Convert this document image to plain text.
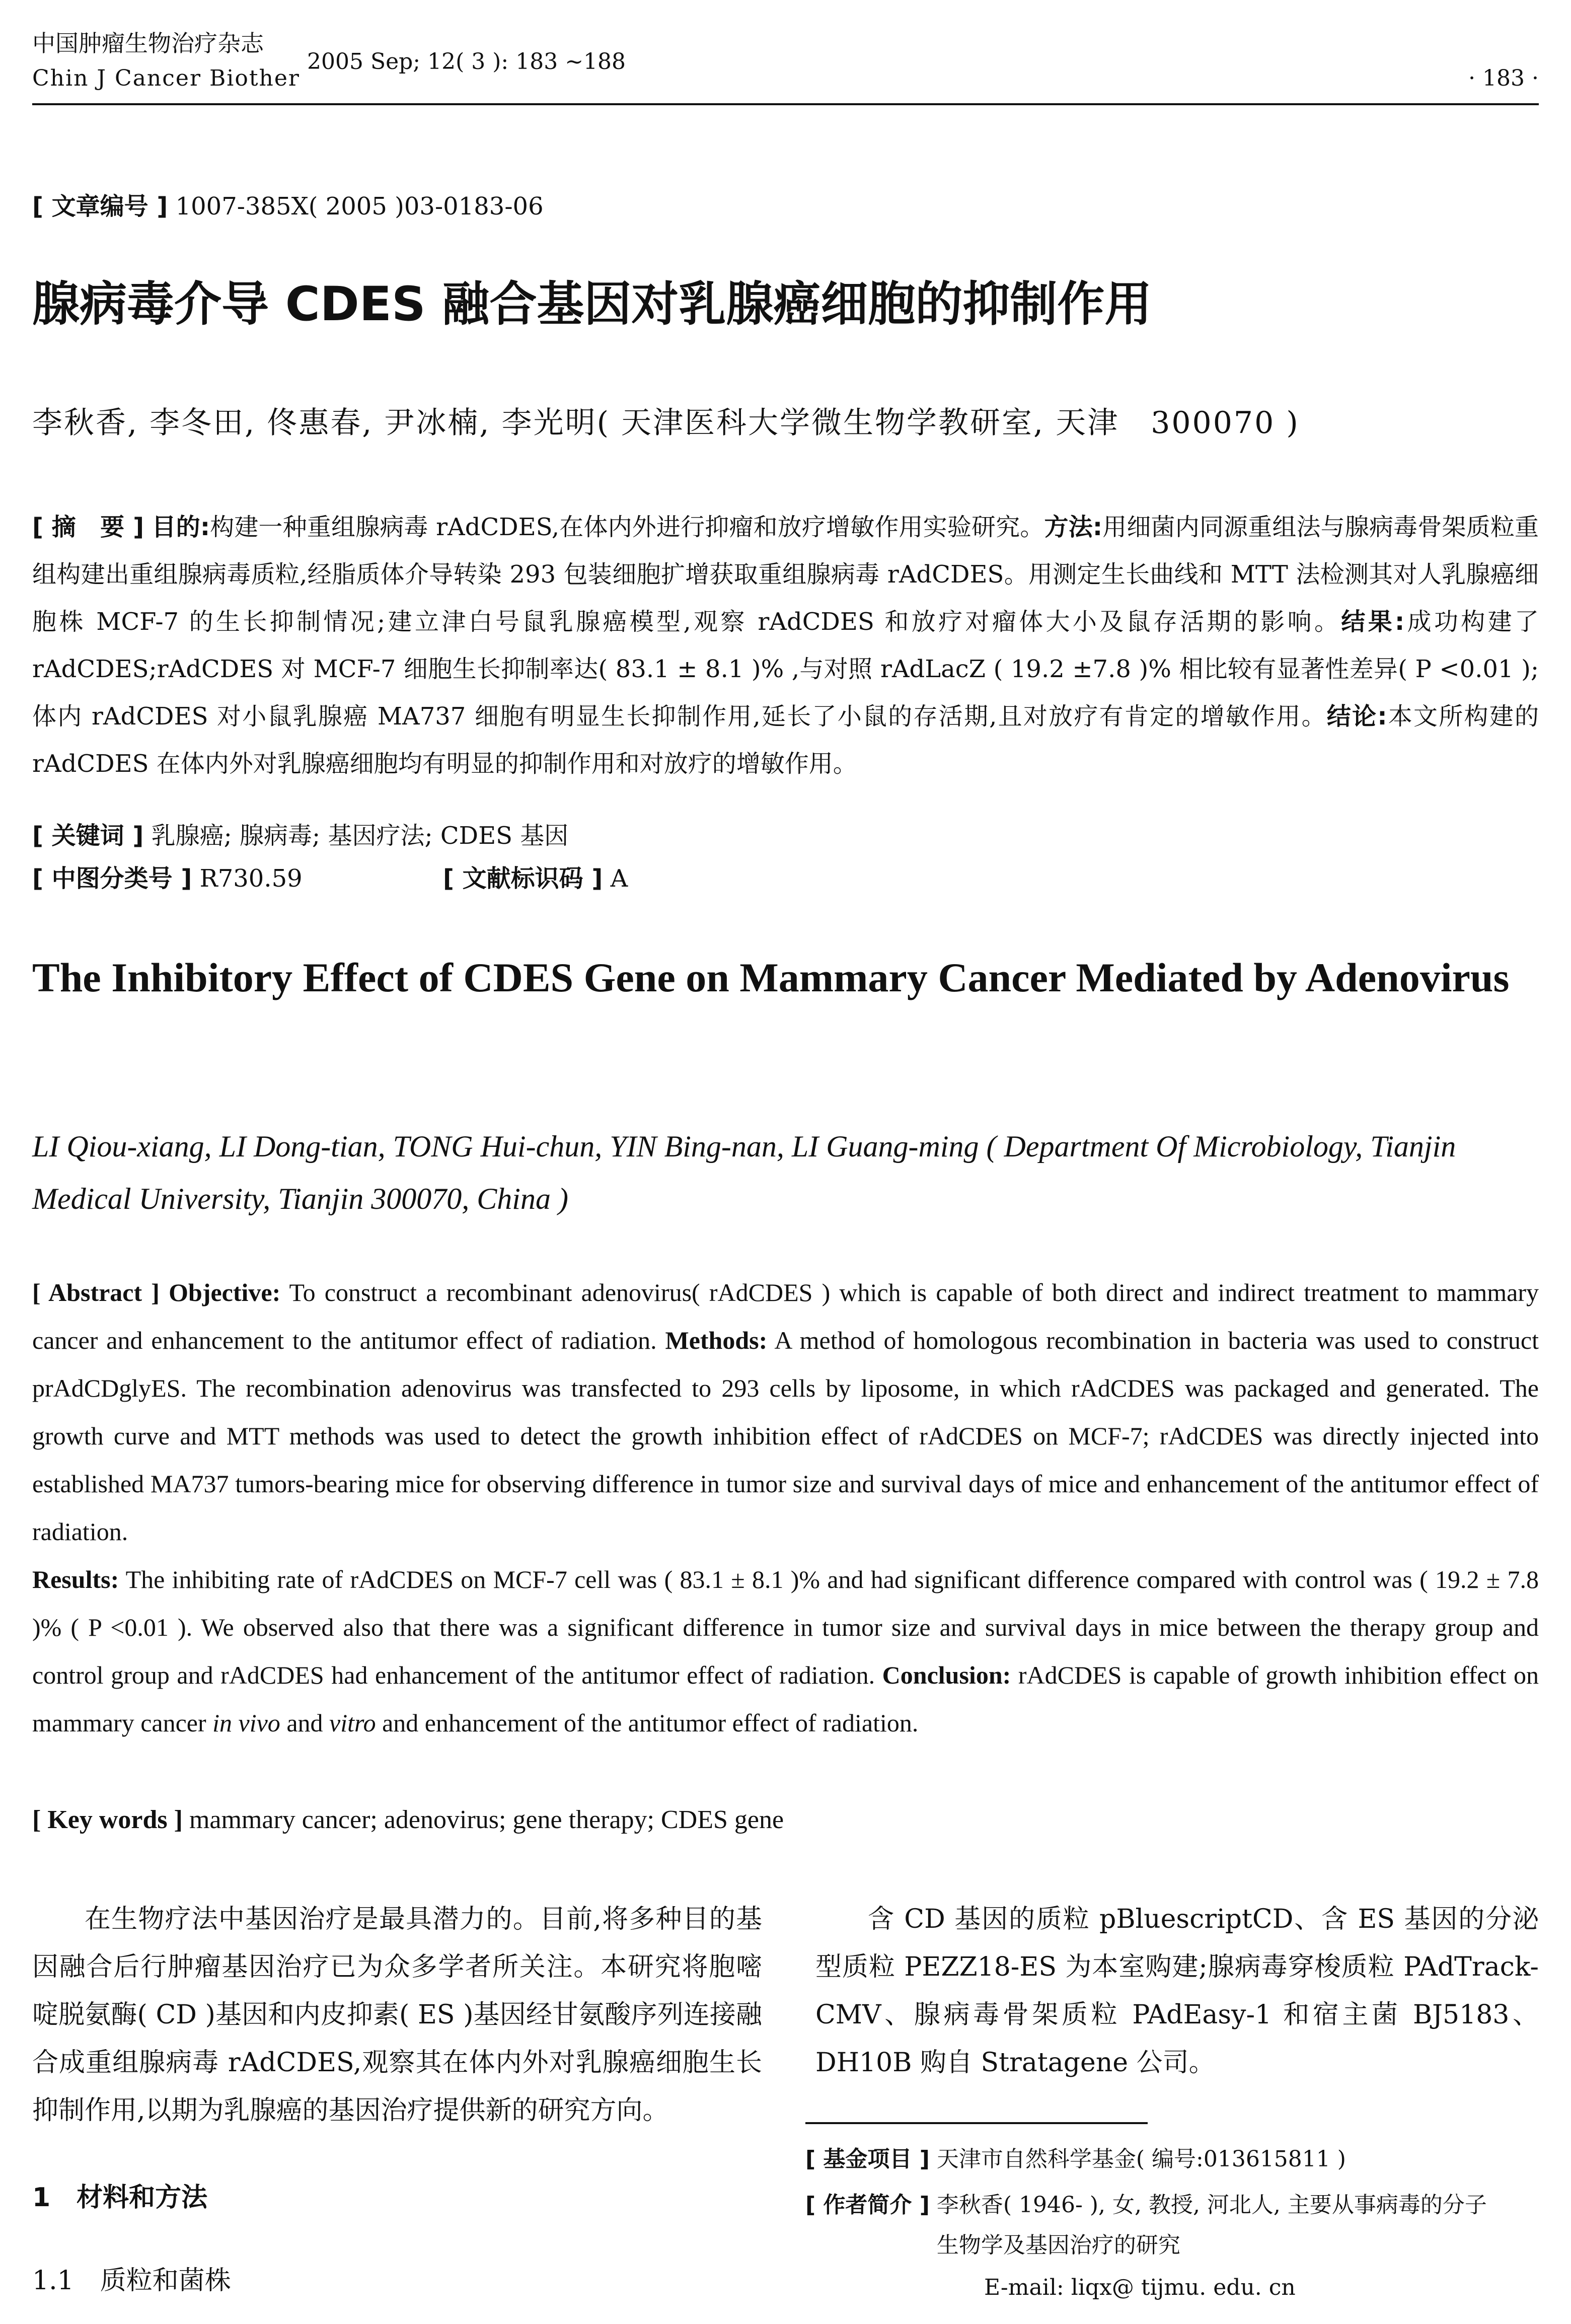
中国肿瘤生物治疗杂志
Chin J Cancer Biother
2005 Sep; 12( 3 ): 183 ~188
· 183 ·
[ 文章编号 ] 1007-385X( 2005 )03-0183-06
腺病毒介导 CDES 融合基因对乳腺癌细胞的抑制作用
李秋香, 李冬田, 佟惠春, 尹冰楠, 李光明( 天津医科大学微生物学教研室, 天津　300070 )
[ 摘　要 ] 目的:构建一种重组腺病毒 rAdCDES,在体内外进行抑瘤和放疗增敏作用实验研究。方法:用细菌内同源重组法与腺病毒骨架质粒重组构建出重组腺病毒质粒,经脂质体介导转染 293 包装细胞扩增获取重组腺病毒 rAdCDES。用测定生长曲线和 MTT 法检测其对人乳腺癌细胞株 MCF-7 的生长抑制情况;建立津白号鼠乳腺癌模型,观察 rAdCDES 和放疗对瘤体大小及鼠存活期的影响。结果:成功构建了 rAdCDES;rAdCDES 对 MCF-7 细胞生长抑制率达( 83.1 ± 8.1 )% ,与对照 rAdLacZ ( 19.2 ±7.8 )% 相比较有显著性差异( P <0.01 );体内 rAdCDES 对小鼠乳腺癌 MA737 细胞有明显生长抑制作用,延长了小鼠的存活期,且对放疗有肯定的增敏作用。结论:本文所构建的 rAdCDES 在体内外对乳腺癌细胞均有明显的抑制作用和对放疗的增敏作用。
[ 关键词 ] 乳腺癌; 腺病毒; 基因疗法; CDES 基因
[ 中图分类号 ] R730.59	[ 文献标识码 ] A
The Inhibitory Effect of CDES Gene on Mammary Cancer Mediated by Adenovirus
LI Qiou-xiang, LI Dong-tian, TONG Hui-chun, YIN Bing-nan, LI Guang-ming ( Department Of Microbiology, Tianjin Medical University, Tianjin 300070, China )
[ Abstract ] Objective: To construct a recombinant adenovirus( rAdCDES ) which is capable of both direct and indirect treatment to mammary cancer and enhancement to the antitumor effect of radiation. Methods: A method of homologous recombination in bacteria was used to construct prAdCDglyES. The recombination adenovirus was transfected to 293 cells by liposome, in which rAdCDES was packaged and generated. The growth curve and MTT methods was used to detect the growth inhibition effect of rAdCDES on MCF-7; rAdCDES was directly injected into established MA737 tumors-bearing mice for observing difference in tumor size and survival days of mice and enhancement of the antitumor effect of radiation.
Results: The inhibiting rate of rAdCDES on MCF-7 cell was ( 83.1 ± 8.1 )% and had significant difference compared with control was ( 19.2 ± 7.8 )% ( P <0.01 ). We observed also that there was a significant difference in tumor size and survival days in mice between the therapy group and control group and rAdCDES had enhancement of the antitumor effect of radiation. Conclusion: rAdCDES is capable of growth inhibition effect on mammary cancer in vivo and vitro and enhancement of the antitumor effect of radiation.
[ Key words ] mammary cancer; adenovirus; gene therapy; CDES gene

在生物疗法中基因治疗是最具潜力的。目前,将多种目的基因融合后行肿瘤基因治疗已为众多学者所关注。本研究将胞嘧啶脱氨酶( CD )基因和内皮抑素( ES )基因经甘氨酸序列连接融合成重组腺病毒 rAdCDES,观察其在体内外对乳腺癌细胞生长抑制作用,以期为乳腺癌的基因治疗提供新的研究方向。

1　材料和方法
1.1　质粒和菌株

含 CD 基因的质粒 pBluescriptCD、含 ES 基因的分泌型质粒 PEZZ18-ES 为本室购建;腺病毒穿梭质粒 PAdTrack-CMV、腺病毒骨架质粒 PAdEasy-1 和宿主菌 BJ5183、DH10B 购自 Stratagene 公司。

[ 基金项目 ] 天津市自然科学基金( 编号:013615811 )
[ 作者简介 ] 李秋香( 1946- ), 女, 教授, 河北人, 主要从事病毒的分子生物学及基因治疗的研究
E-mail: liqx@ tijmu. edu. cn
